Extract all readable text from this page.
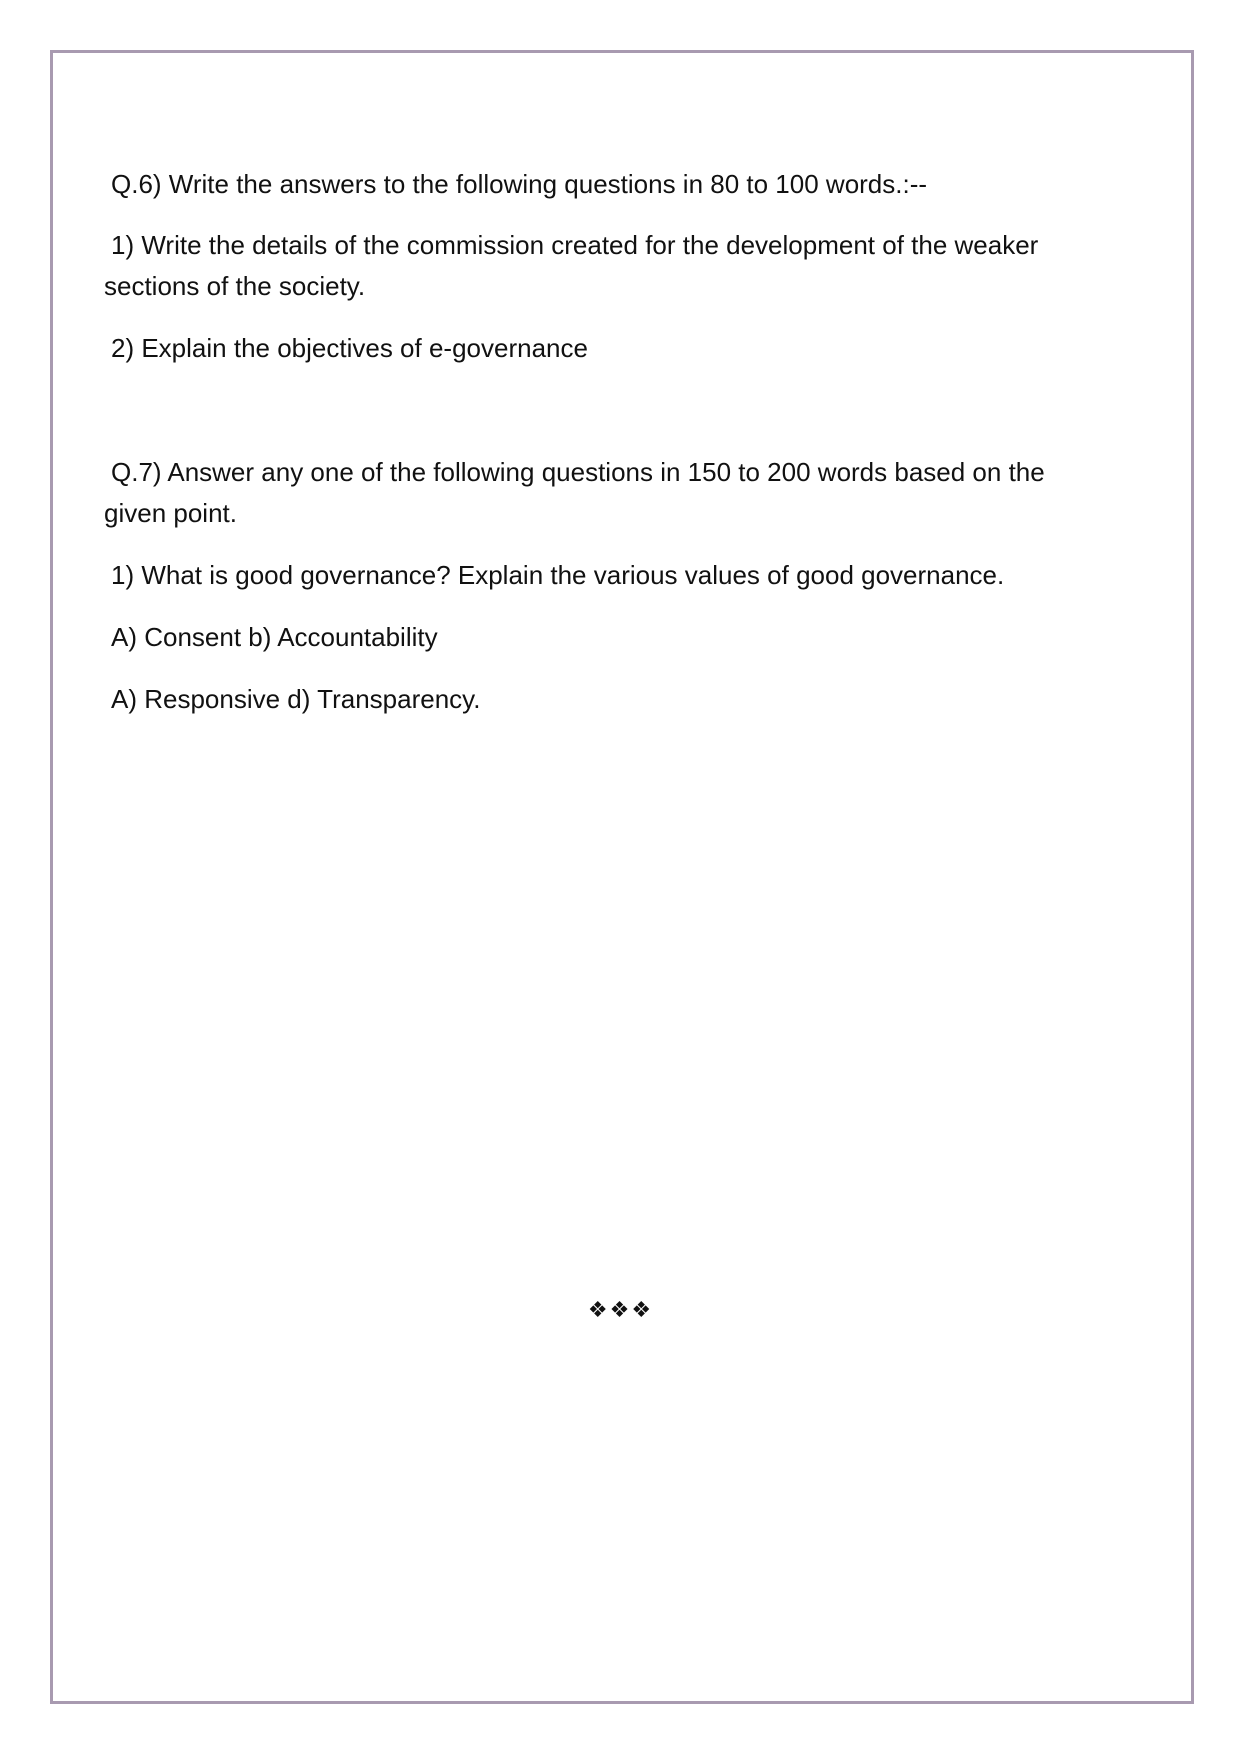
Q.6) Write the answers to the following questions in 80 to 100 words.:--
1) Write the details of the commission created for the development of the weaker
sections of the society.
2) Explain the objectives of e-governance
Q.7) Answer any one of the following questions in 150 to 200 words based on the
given point.
1) What is good governance? Explain the various values of good governance.
A) Consent b) Accountability
A) Responsive d) Transparency.
❖❖❖
